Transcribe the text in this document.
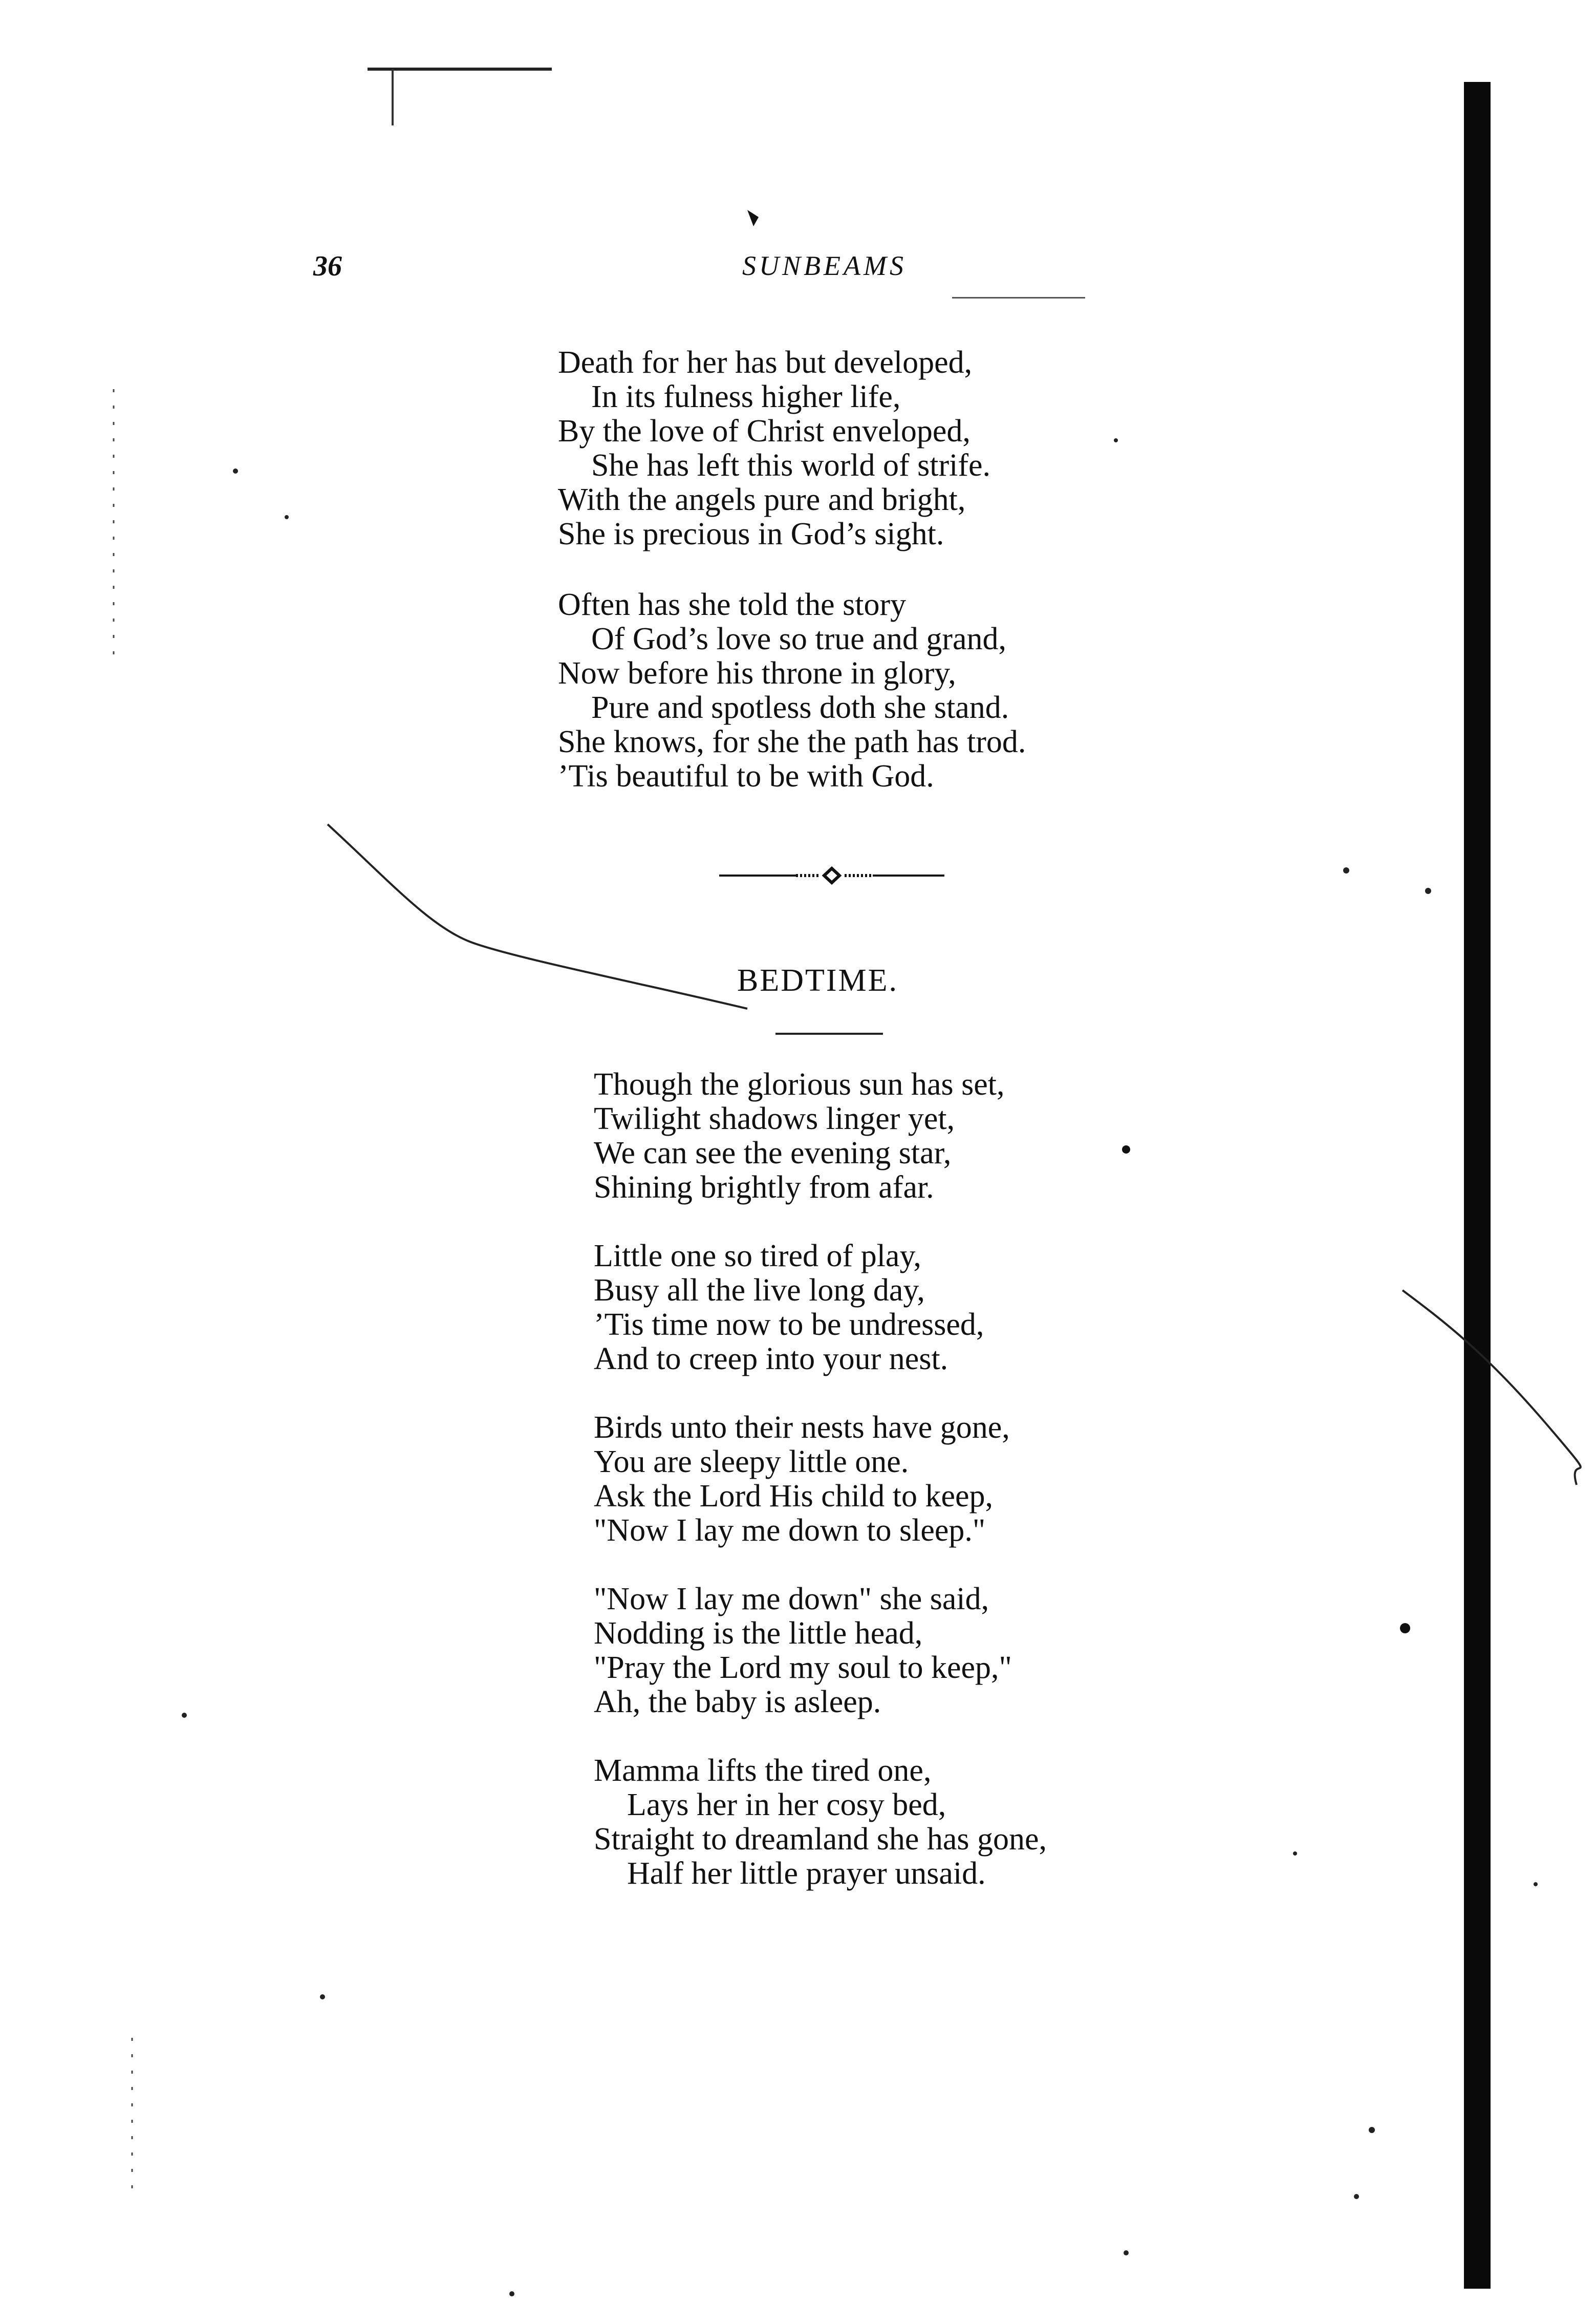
36	SUNBEAMS
Death for her has but developed,
In its fulness higher life,
By the love of Christ enveloped,
She has left this world of strife.
With the angels pure and bright,
She is precious in God’s sight.
Often has she told the story
Of God’s love so true and grand,
Now before his throne in glory,
Pure and spotless doth she stand.
She knows, for she the path has trod.
’Tis beautiful to be with God.
BEDTIME.
Though the glorious sun has set,
Twilight shadows linger yet,
We can see the evening star,
Shining brightly from afar.
Little one so tired of play,
Busy all the live long day,
’Tis time now to be undressed,
And to creep into your nest.
Birds unto their nests have gone,
You are sleepy little one.
Ask the Lord His child to keep,
"Now I lay me down to sleep."
"Now I lay me down" she said,
Nodding is the little head,
"Pray the Lord my soul to keep,"
Ah, the baby is asleep.
Mamma lifts the tired one,
Lays her in her cosy bed,
Straight to dreamland she has gone,
Half her little prayer unsaid.
